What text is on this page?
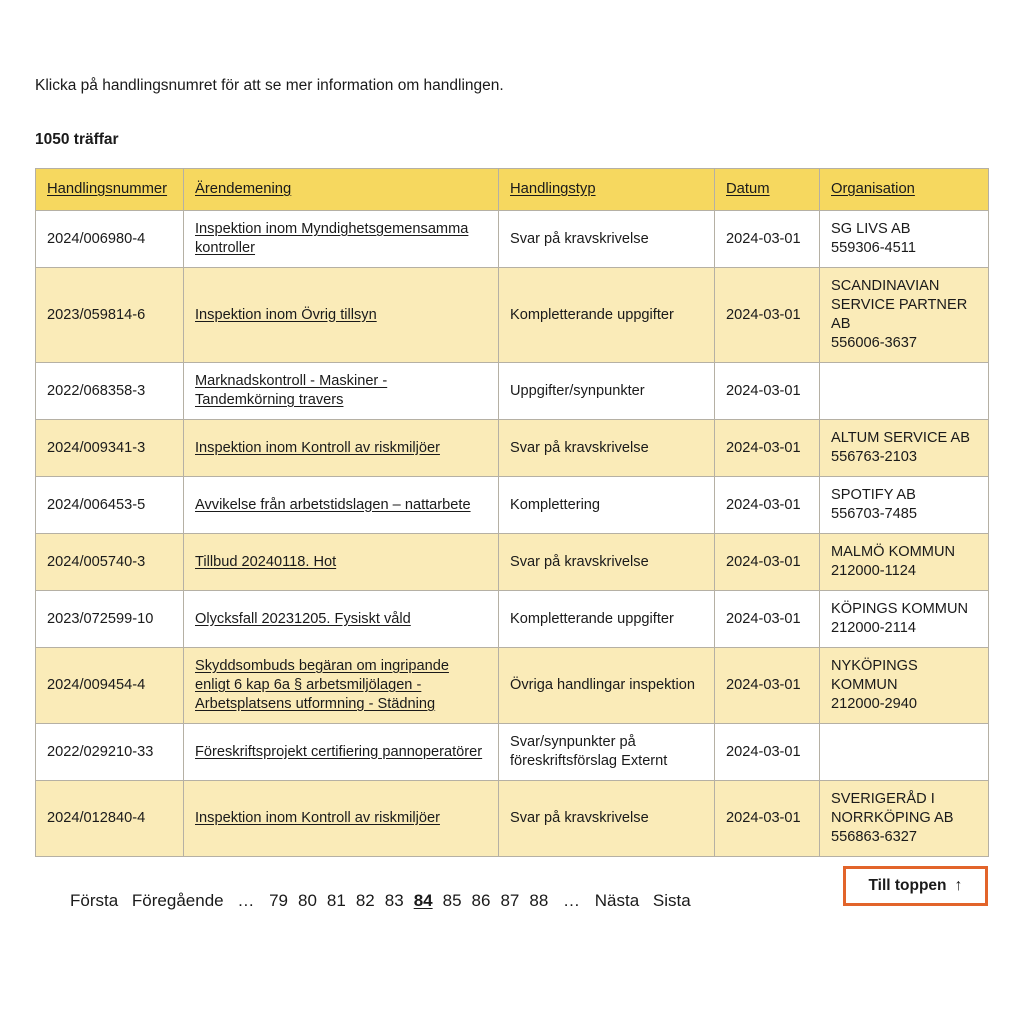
Klicka på handlingsnumret för att se mer information om handlingen.
1050 träffar
Handlingsnummer	Ärendemening	Handlingstyp	Datum	Organisation
2024/006980-4	Inspektion inom Myndighetsgemensamma kontroller	Svar på kravskrivelse	2024-03-01	SG LIVS AB
559306-4511

2023/059814-6	Inspektion inom Övrig tillsyn	Kompletterande uppgifter	2024-03-01	SCANDINAVIAN SERVICE PARTNER AB
556006-3637

2022/068358-3	Marknadskontroll - Maskiner - Tandemkörning travers	Uppgifter/synpunkter	2024-03-01	
2024/009341-3	Inspektion inom Kontroll av riskmiljöer	Svar på kravskrivelse	2024-03-01	ALTUM SERVICE AB
556763-2103

2024/006453-5	Avvikelse från arbetstidslagen – nattarbete	Komplettering	2024-03-01	SPOTIFY AB
556703-7485

2024/005740-3	Tillbud 20240118. Hot	Svar på kravskrivelse	2024-03-01	MALMÖ KOMMUN
212000-1124

2023/072599-10	Olycksfall 20231205. Fysiskt våld	Kompletterande uppgifter	2024-03-01	KÖPINGS KOMMUN
212000-2114

2024/009454-4	Skyddsombuds begäran om ingripande enligt 6 kap 6a § arbetsmiljölagen - Arbetsplatsens utformning - Städning	Övriga handlingar inspektion	2024-03-01	NYKÖPINGS KOMMUN
212000-2940

2022/029210-33	Föreskriftsprojekt certifiering pannoperatörer	Svar/synpunkter på föreskriftsförslag Externt	2024-03-01	
2024/012840-4	Inspektion inom Kontroll av riskmiljöer	Svar på kravskrivelse	2024-03-01	SVERIGERÅD I NORRKÖPING AB
556863-6327
Första Föregående … 79 80 81 82 83 84 85 86 87 88 … Nästa Sista
Till toppen ↑
